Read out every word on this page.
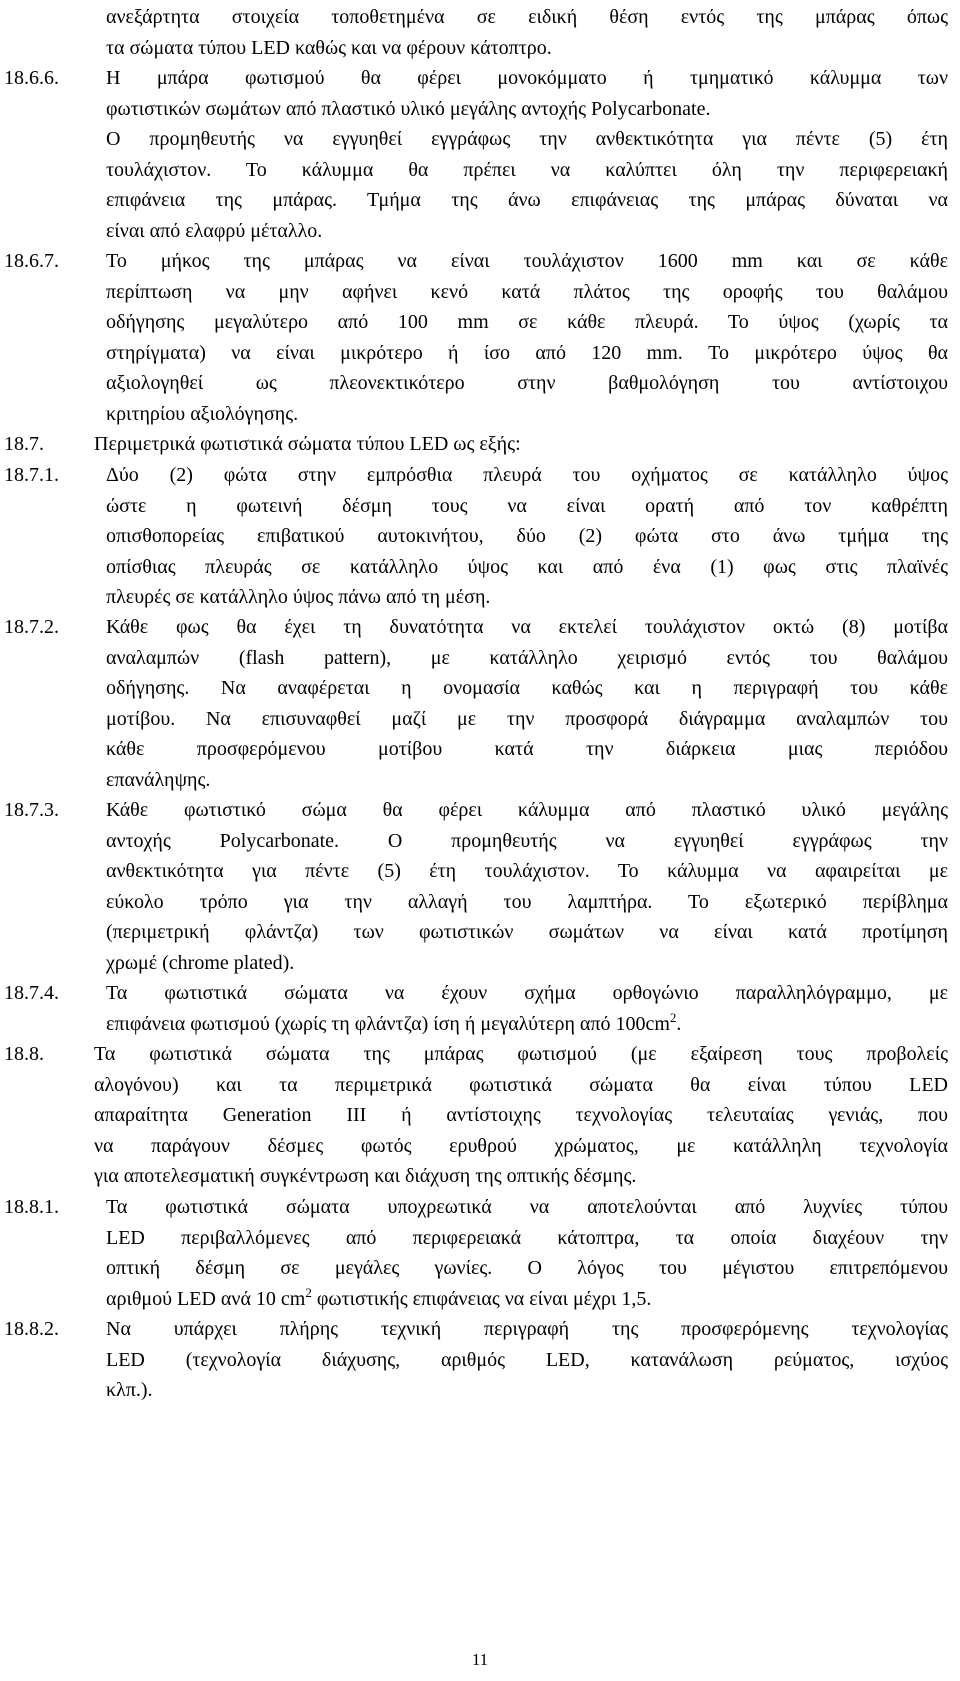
ανεξάρτητα στοιχεία τοποθετημένα σε ειδική θέση εντός της μπάρας όπως
τα σώματα τύπου LED καθώς και να φέρουν κάτοπτρο.
18.6.6. Η μπάρα φωτισμού θα φέρει μονοκόμματο ή τμηματικό κάλυμμα των
φωτιστικών σωμάτων από πλαστικό υλικό μεγάλης αντοχής Polycarbonate.
Ο προμηθευτής να εγγυηθεί εγγράφως την ανθεκτικότητα για πέντε (5) έτη
τουλάχιστον. Το κάλυμμα θα πρέπει να καλύπτει όλη την περιφερειακή
επιφάνεια της μπάρας. Τμήμα της άνω επιφάνειας της μπάρας δύναται να
είναι από ελαφρύ μέταλλο.
18.6.7. Το μήκος της μπάρας να είναι τουλάχιστον 1600 mm και σε κάθε
περίπτωση να μην αφήνει κενό κατά πλάτος της οροφής του θαλάμου
οδήγησης μεγαλύτερο από 100 mm σε κάθε πλευρά. Το ύψος (χωρίς τα
στηρίγματα) να είναι μικρότερο ή ίσο από 120 mm. Το μικρότερο ύψος θα
αξιολογηθεί ως πλεονεκτικότερο στην βαθμολόγηση του αντίστοιχου
κριτηρίου αξιολόγησης.
18.7.	Περιμετρικά φωτιστικά σώματα τύπου LED ως εξής:
18.7.1. Δύο (2) φώτα στην εμπρόσθια πλευρά του οχήματος σε κατάλληλο ύψος
ώστε η φωτεινή δέσμη τους να είναι ορατή από τον καθρέπτη
οπισθοπορείας επιβατικού αυτοκινήτου, δύο (2) φώτα στο άνω τμήμα της
οπίσθιας πλευράς σε κατάλληλο ύψος και από ένα (1) φως στις πλαϊνές
πλευρές σε κατάλληλο ύψος πάνω από τη μέση.
18.7.2. Κάθε φως θα έχει τη δυνατότητα να εκτελεί τουλάχιστον οκτώ (8) μοτίβα
αναλαμπών (flash pattern), με κατάλληλο χειρισμό εντός του θαλάμου
οδήγησης. Να αναφέρεται η ονομασία καθώς και η περιγραφή του κάθε
μοτίβου. Να επισυναφθεί μαζί με την προσφορά διάγραμμα αναλαμπών του
κάθε προσφερόμενου μοτίβου κατά την διάρκεια μιας περιόδου
επανάληψης.
18.7.3. Κάθε φωτιστικό σώμα θα φέρει κάλυμμα από πλαστικό υλικό μεγάλης
αντοχής Polycarbonate. Ο προμηθευτής να εγγυηθεί εγγράφως την
ανθεκτικότητα για πέντε (5) έτη τουλάχιστον. Το κάλυμμα να αφαιρείται με
εύκολο τρόπο για την αλλαγή του λαμπτήρα. Το εξωτερικό περίβλημα
(περιμετρική φλάντζα) των φωτιστικών σωμάτων να είναι κατά προτίμηση
χρωμέ (chrome plated).
18.7.4. Τα φωτιστικά σώματα να έχουν σχήμα ορθογώνιο παραλληλόγραμμο, με
επιφάνεια φωτισμού (χωρίς τη φλάντζα) ίση ή μεγαλύτερη από $100cm^2$.
18.8.	Τα φωτιστικά σώματα της μπάρας φωτισμού (με εξαίρεση τους προβολείς
αλογόνου) και τα περιμετρικά φωτιστικά σώματα θα είναι τύπου LED
απαραίτητα Generation III ή αντίστοιχης τεχνολογίας τελευταίας γενιάς, που
να παράγουν δέσμες φωτός ερυθρού χρώματος, με κατάλληλη τεχνολογία
για αποτελεσματική συγκέντρωση και διάχυση της οπτικής δέσμης.
18.8.1. Τα φωτιστικά σώματα υποχρεωτικά να αποτελούνται από λυχνίες τύπου
LED περιβαλλόμενες από περιφερειακά κάτοπτρα, τα οποία διαχέουν την
οπτική δέσμη σε μεγάλες γωνίες. Ο λόγος του μέγιστου επιτρεπόμενου
αριθμού LED ανά 10 $cm^2$ φωτιστικής επιφάνειας να είναι μέχρι 1,5.
18.8.2. Να υπάρχει πλήρης τεχνική περιγραφή της προσφερόμενης τεχνολογίας
LED (τεχνολογία διάχυσης, αριθμός LED, κατανάλωση ρεύματος, ισχύος
κλπ.).
11
